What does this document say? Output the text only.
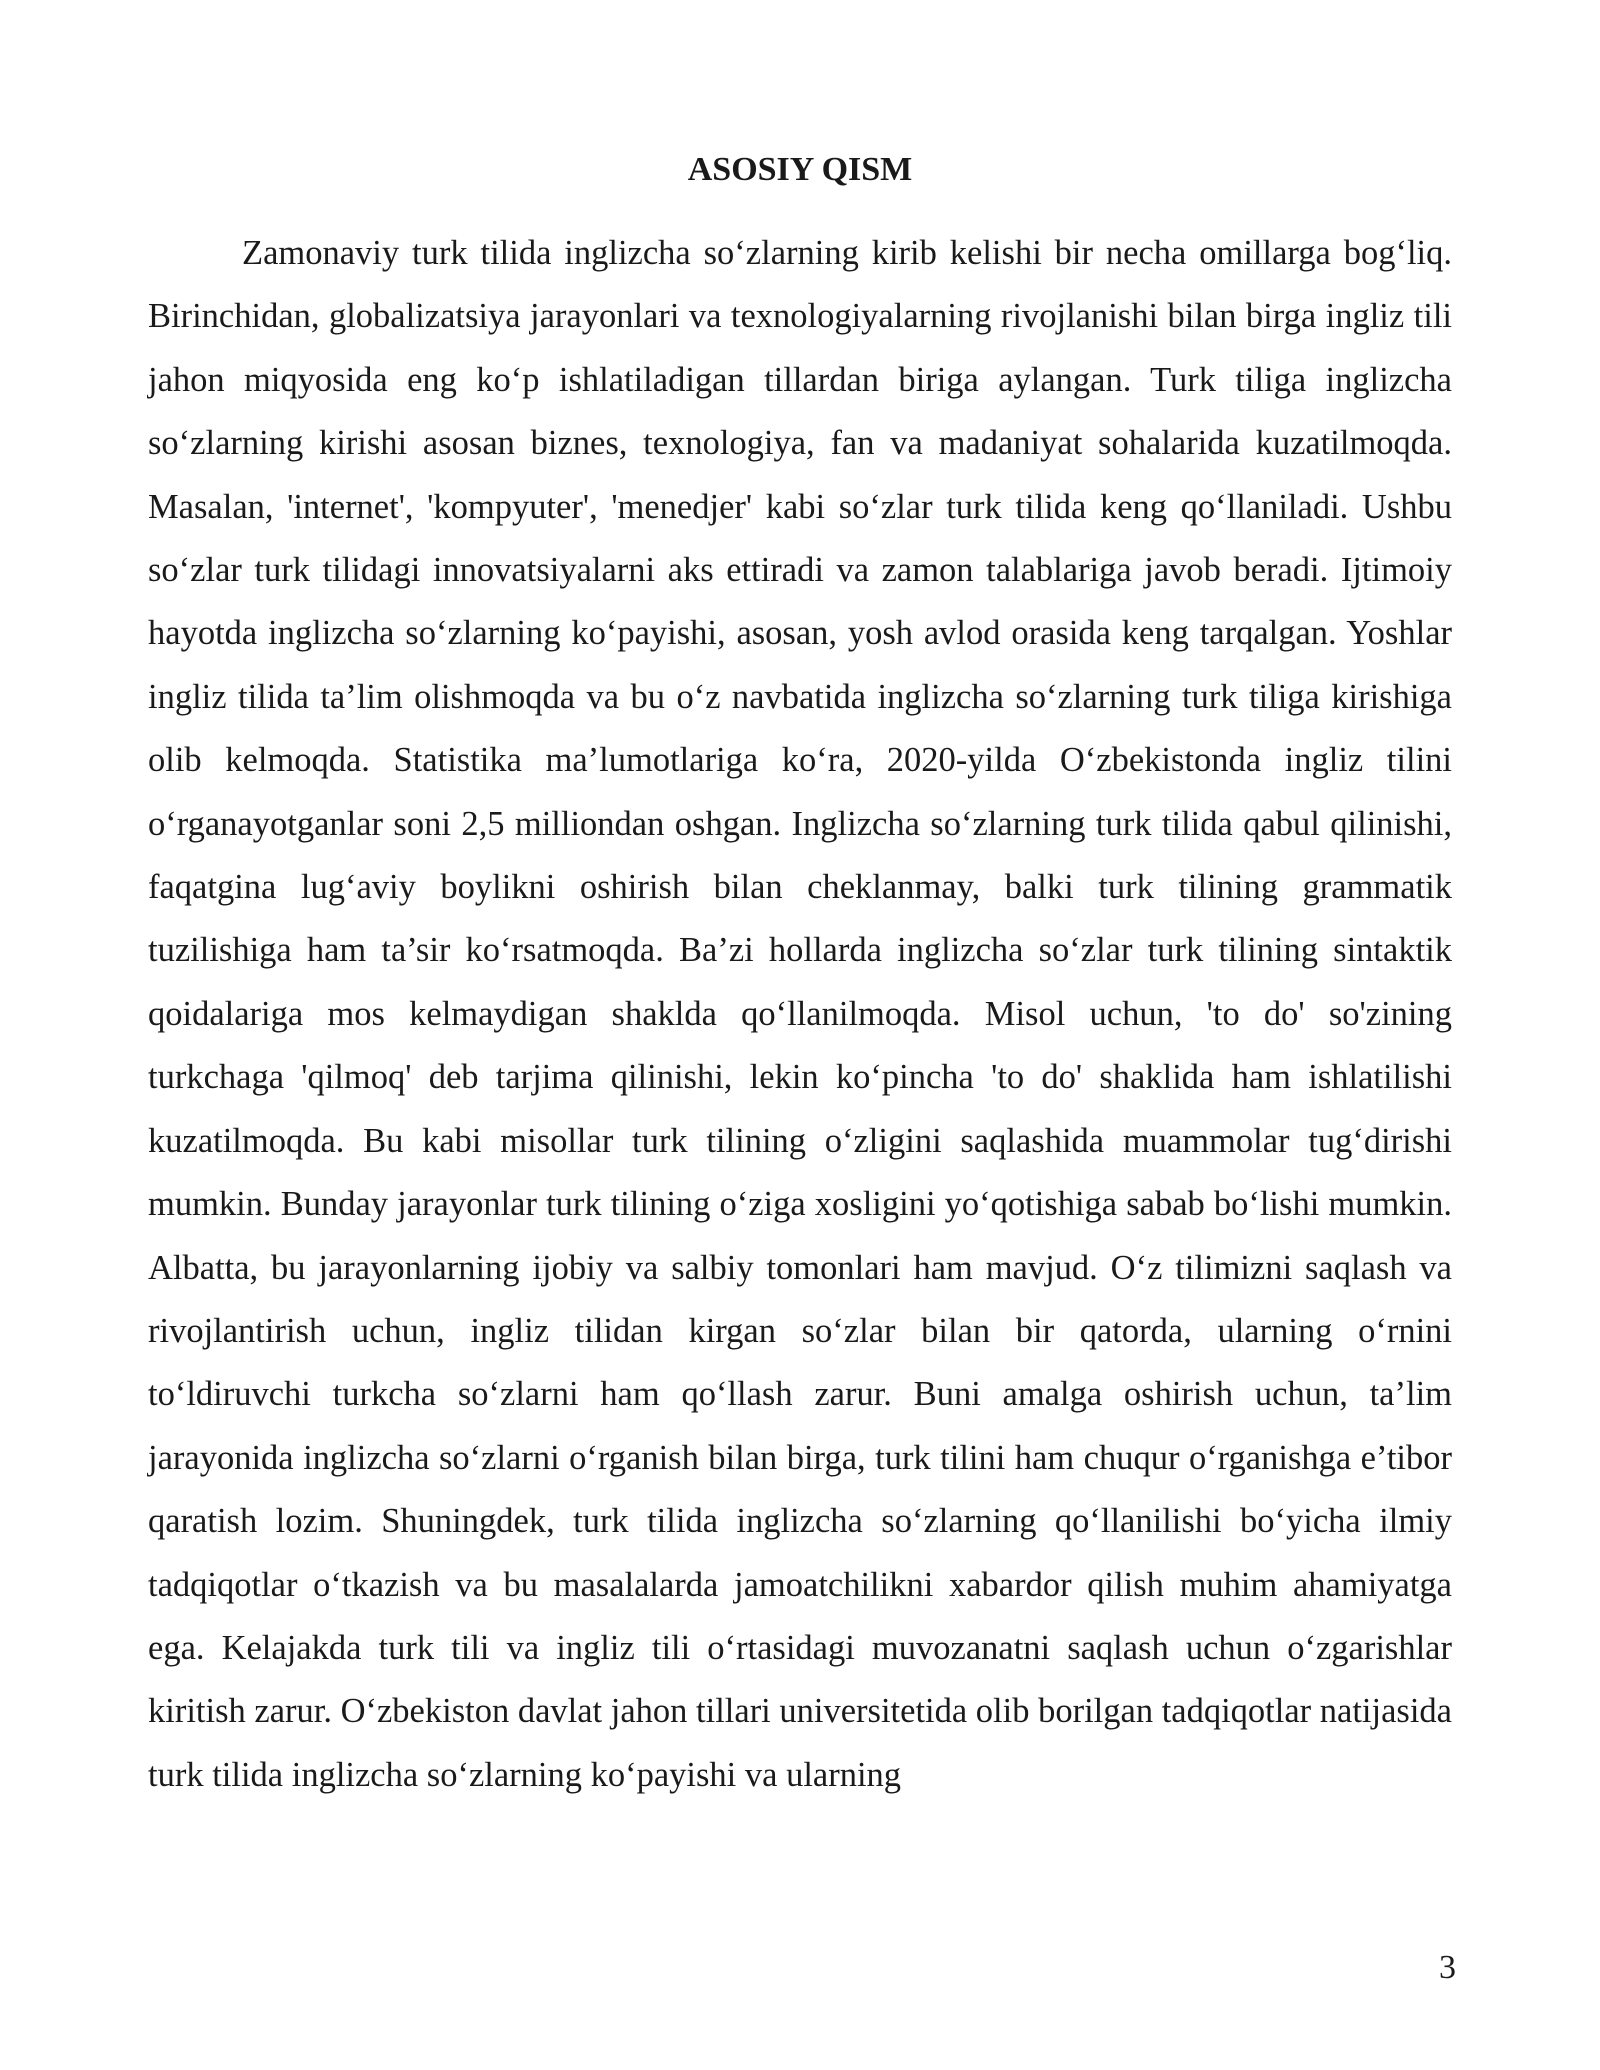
ASOSIY QISM

Zamonaviy turk tilida inglizcha so‘zlarning kirib kelishi bir necha omillarga bog‘liq. Birinchidan, globalizatsiya jarayonlari va texnologiyalarning rivojlanishi bilan birga ingliz tili jahon miqyosida eng ko‘p ishlatiladigan tillardan biriga aylangan. Turk tiliga inglizcha so‘zlarning kirishi asosan biznes, texnologiya, fan va madaniyat sohalarida kuzatilmoqda. Masalan, 'internet', 'kompyuter', 'menedjer' kabi so‘zlar turk tilida keng qo‘llaniladi. Ushbu so‘zlar turk tilidagi innovatsiyalarni aks ettiradi va zamon talablariga javob beradi. Ijtimoiy hayotda inglizcha so‘zlarning ko‘payishi, asosan, yosh avlod orasida keng tarqalgan. Yoshlar ingliz tilida ta’lim olishmoqda va bu o‘z navbatida inglizcha so‘zlarning turk tiliga kirishiga olib kelmoqda. Statistika ma’lumotlariga ko‘ra, 2020-yilda O‘zbekistonda ingliz tilini o‘rganayotganlar soni 2,5 milliondan oshgan. Inglizcha so‘zlarning turk tilida qabul qilinishi, faqatgina lug‘aviy boylikni oshirish bilan cheklanmay, balki turk tilining grammatik tuzilishiga ham ta’sir ko‘rsatmoqda. Ba’zi hollarda inglizcha so‘zlar turk tilining sintaktik qoidalariga mos kelmaydigan shaklda qo‘llanilmoqda. Misol uchun, 'to do' so'zining turkchaga 'qilmoq' deb tarjima qilinishi, lekin ko‘pincha 'to do' shaklida ham ishlatilishi kuzatilmoqda. Bu kabi misollar turk tilining o‘zligini saqlashida muammolar tug‘dirishi mumkin. Bunday jarayonlar turk tilining o‘ziga xosligini yo‘qotishiga sabab bo‘lishi mumkin. Albatta, bu jarayonlarning ijobiy va salbiy tomonlari ham mavjud. O‘z tilimizni saqlash va rivojlantirish uchun, ingliz tilidan kirgan so‘zlar bilan bir qatorda, ularning o‘rnini to‘ldiruvchi turkcha so‘zlarni ham qo‘llash zarur. Buni amalga oshirish uchun, ta’lim jarayonida inglizcha so‘zlarni o‘rganish bilan birga, turk tilini ham chuqur o‘rganishga e’tibor qaratish lozim. Shuningdek, turk tilida inglizcha so‘zlarning qo‘llanilishi bo‘yicha ilmiy tadqiqotlar o‘tkazish va bu masalalarda jamoatchilikni xabardor qilish muhim ahamiyatga ega. Kelajakda turk tili va ingliz tili o‘rtasidagi muvozanatni saqlash uchun o‘zgarishlar kiritish zarur. O‘zbekiston davlat jahon tillari universitetida olib borilgan tadqiqotlar natijasida turk tilida inglizcha so‘zlarning ko‘payishi va ularning

3
